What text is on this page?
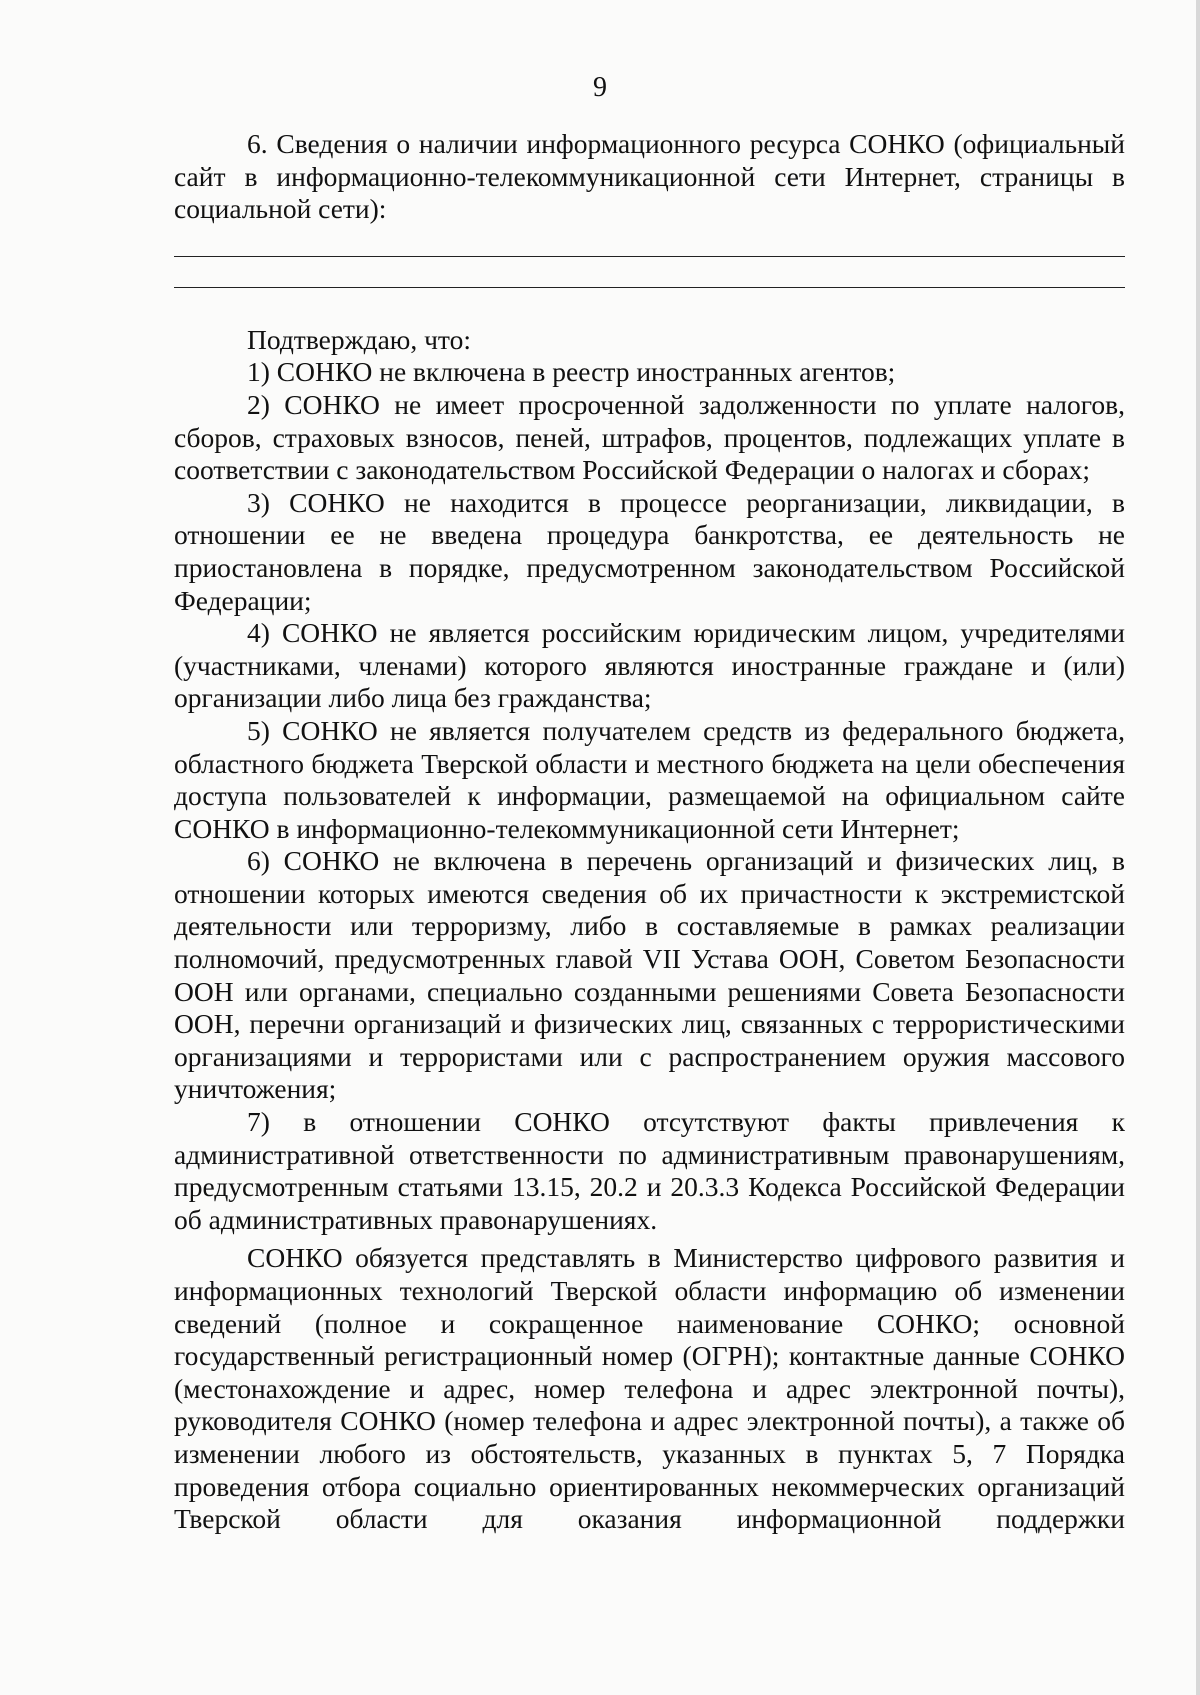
9

6. Сведения о наличии информационного ресурса СОНКО (официальный сайт в информационно-телекоммуникационной сети Интернет, страницы в социальной сети):

Подтверждаю, что:

1) СОНКО не включена в реестр иностранных агентов;

2) СОНКО не имеет просроченной задолженности по уплате налогов, сборов, страховых взносов, пеней, штрафов, процентов, подлежащих уплате в соответствии с законодательством Российской Федерации о налогах и сборах;

3) СОНКО не находится в процессе реорганизации, ликвидации, в отношении ее не введена процедура банкротства, ее деятельность не приостановлена в порядке, предусмотренном законодательством Российской Федерации;

4) СОНКО не является российским юридическим лицом, учредителями (участниками, членами) которого являются иностранные граждане и (или) организации либо лица без гражданства;

5) СОНКО не является получателем средств из федерального бюджета, областного бюджета Тверской области и местного бюджета на цели обеспечения доступа пользователей к информации, размещаемой на официальном сайте СОНКО в информационно-телекоммуникационной сети Интернет;

6) СОНКО не включена в перечень организаций и физических лиц, в отношении которых имеются сведения об их причастности к экстремистской деятельности или терроризму, либо в составляемые в рамках реализации полномочий, предусмотренных главой VII Устава ООН, Советом Безопасности ООН или органами, специально созданными решениями Совета Безопасности ООН, перечни организаций и физических лиц, связанных с террористическими организациями и террористами или с распространением оружия массового уничтожения;

7) в отношении СОНКО отсутствуют факты привлечения к административной ответственности по административным правонарушениям, предусмотренным статьями 13.15, 20.2 и 20.3.3 Кодекса Российской Федерации об административных правонарушениях.

СОНКО обязуется представлять в Министерство цифрового развития и информационных технологий Тверской области информацию об изменении сведений (полное и сокращенное наименование СОНКО; основной государственный регистрационный номер (ОГРН); контактные данные СОНКО (местонахождение и адрес, номер телефона и адрес электронной почты), руководителя СОНКО (номер телефона и адрес электронной почты), а также об изменении любого из обстоятельств, указанных в пунктах 5, 7 Порядка проведения отбора социально ориентированных некоммерческих организаций Тверской области для оказания информационной поддержки
